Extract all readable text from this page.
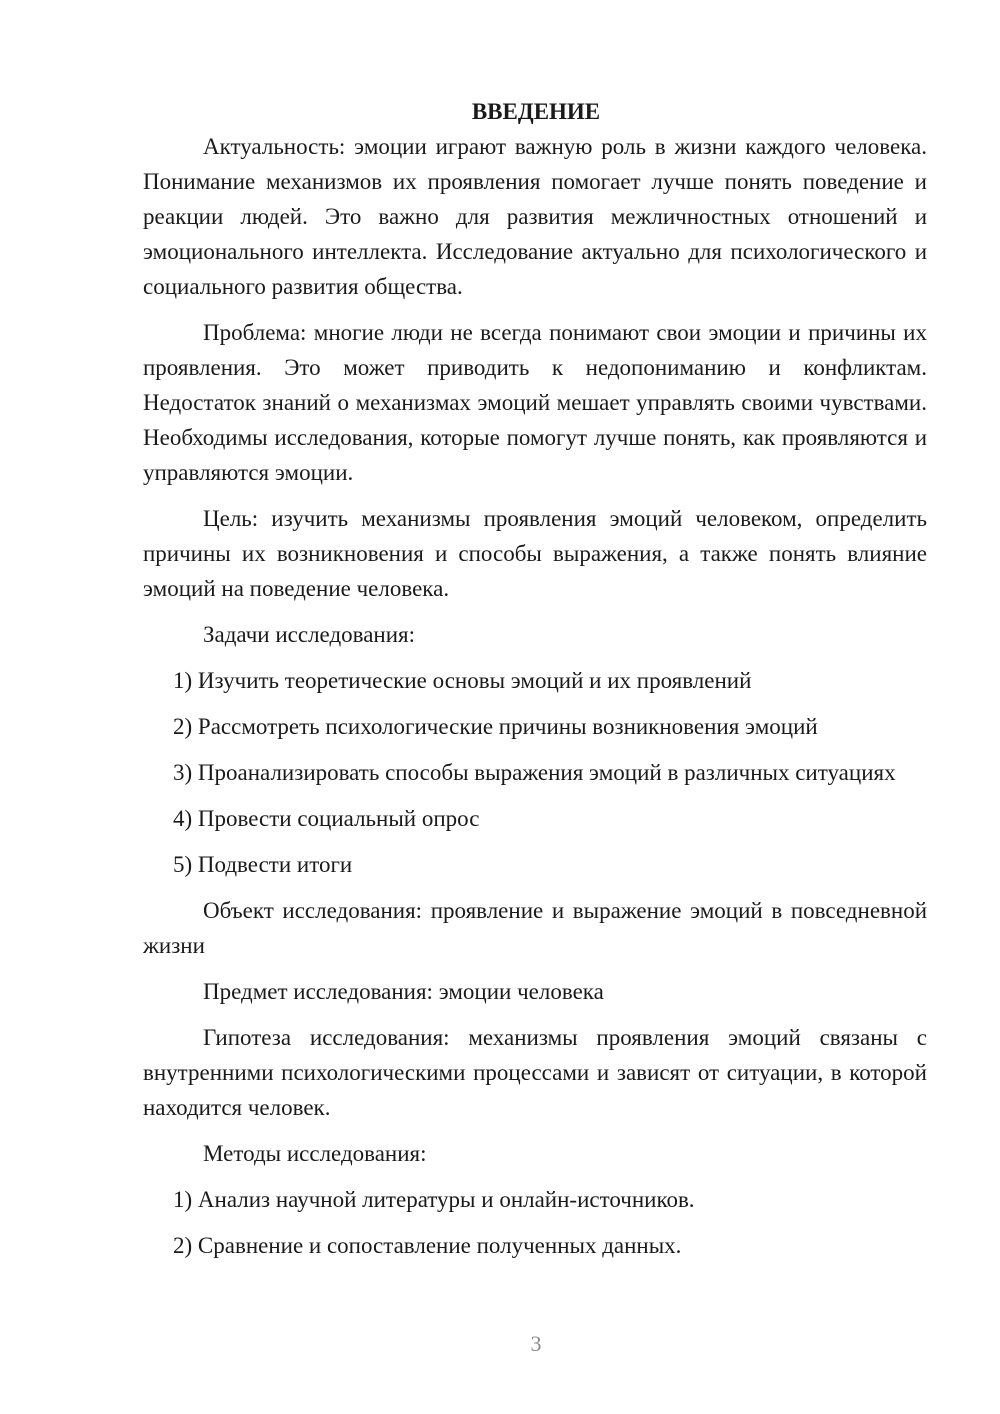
ВВЕДЕНИЕ

Актуальность: эмоции играют важную роль в жизни каждого человека. Понимание механизмов их проявления помогает лучше понять поведение и реакции людей. Это важно для развития межличностных отношений и эмоционального интеллекта. Исследование актуально для психологического и социального развития общества.

Проблема: многие люди не всегда понимают свои эмоции и причины их проявления. Это может приводить к недопониманию и конфликтам. Недостаток знаний о механизмах эмоций мешает управлять своими чувствами. Необходимы исследования, которые помогут лучше понять, как проявляются и управляются эмоции.

Цель: изучить механизмы проявления эмоций человеком, определить причины их возникновения и способы выражения, а также понять влияние эмоций на поведение человека.

Задачи исследования:

1) Изучить теоретические основы эмоций и их проявлений

2) Рассмотреть психологические причины возникновения эмоций

3) Проанализировать способы выражения эмоций в различных ситуациях

4) Провести социальный опрос

5) Подвести итоги

Объект исследования: проявление и выражение эмоций в повседневной жизни

Предмет исследования: эмоции человека

Гипотеза исследования: механизмы проявления эмоций связаны с внутренними психологическими процессами и зависят от ситуации, в которой находится человек.

Методы исследования:

1) Анализ научной литературы и онлайн-источников.

2) Сравнение и сопоставление полученных данных.

3
